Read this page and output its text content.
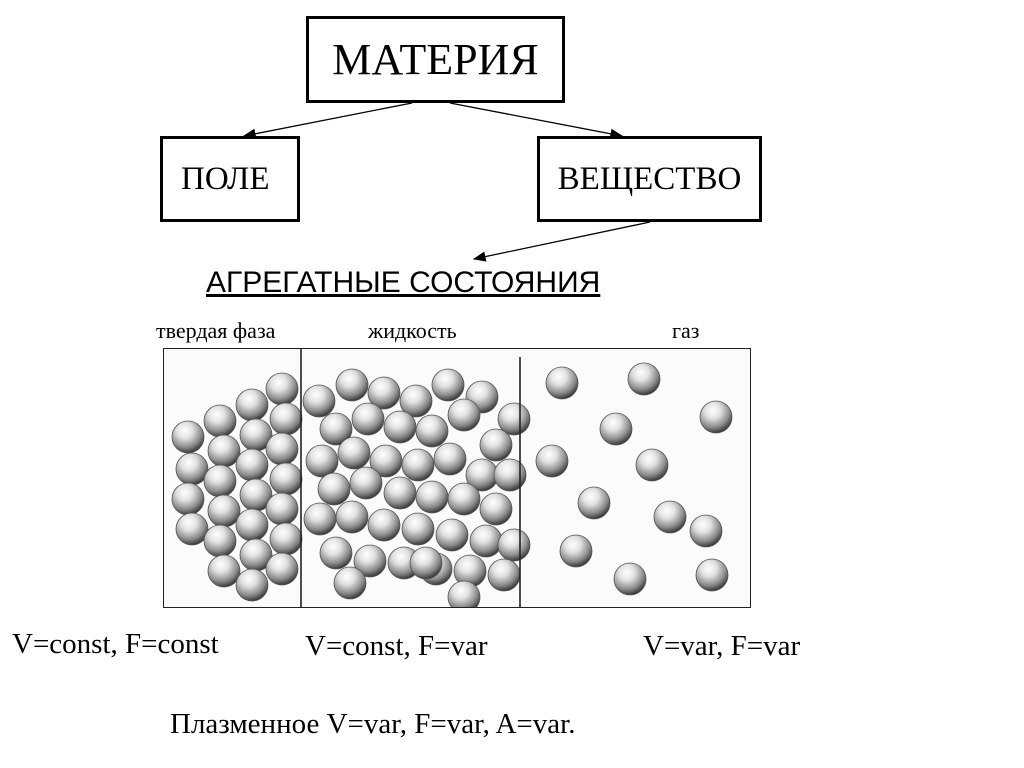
МАТЕРИЯ
ПОЛЕ	ВЕЩЕСТВО
АГРЕГАТНЫЕ СОСТОЯНИЯ
твердая фаза	жидкость	газ
V=const, F=const	V=const, F=var	V=var, F=var
Плазменное V=var, F=var, A=var.
